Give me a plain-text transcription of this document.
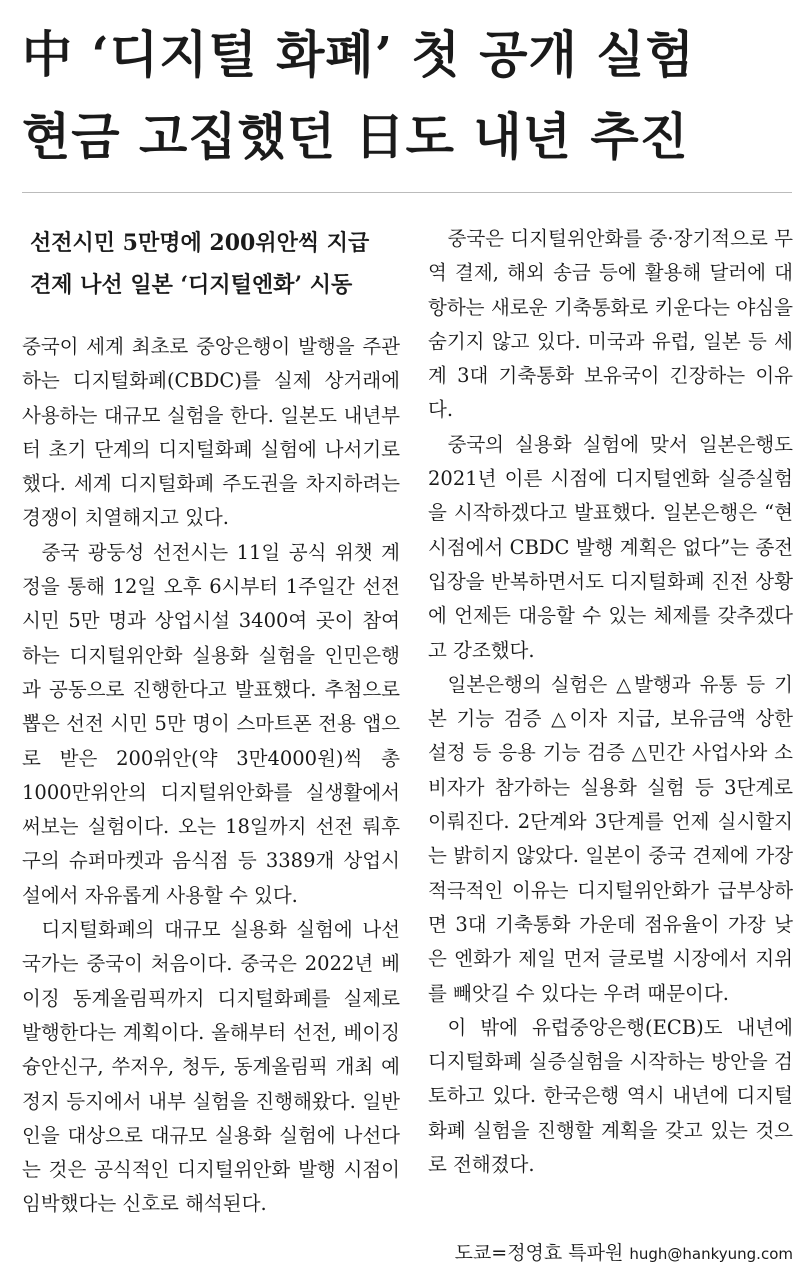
中 ‘디지털 화폐’ 첫 공개 실험
현금 고집했던 日도 내년 추진
선전시민 5만명에 200위안씩 지급
견제 나선 일본 ‘디지털엔화’ 시동

중국이 세계 최초로 중앙은행이 발행을 주관하는 디지털화폐(CBDC)를 실제 상거래에 사용하는 대규모 실험을 한다. 일본도 내년부터 초기 단계의 디지털화폐 실험에 나서기로 했다. 세계 디지털화폐 주도권을 차지하려는 경쟁이 치열해지고 있다.

중국 광둥성 선전시는 11일 공식 위챗 계정을 통해 12일 오후 6시부터 1주일간 선전 시민 5만 명과 상업시설 3400여 곳이 참여하는 디지털위안화 실용화 실험을 인민은행과 공동으로 진행한다고 발표했다. 추첨으로 뽑은 선전 시민 5만 명이 스마트폰 전용 앱으로 받은 200위안(약 3만4000원)씩 총 1000만위안의 디지털위안화를 실생활에서 써보는 실험이다. 오는 18일까지 선전 뤄후구의 슈퍼마켓과 음식점 등 3389개 상업시설에서 자유롭게 사용할 수 있다.

디지털화폐의 대규모 실용화 실험에 나선 국가는 중국이 처음이다. 중국은 2022년 베이징 동계올림픽까지 디지털화폐를 실제로 발행한다는 계획이다. 올해부터 선전, 베이징 슝안신구, 쑤저우, 청두, 동계올림픽 개최 예정지 등지에서 내부 실험을 진행해왔다. 일반인을 대상으로 대규모 실용화 실험에 나선다는 것은 공식적인 디지털위안화 발행 시점이 임박했다는 신호로 해석된다.

중국은 디지털위안화를 중·장기적으로 무역 결제, 해외 송금 등에 활용해 달러에 대항하는 새로운 기축통화로 키운다는 야심을 숨기지 않고 있다. 미국과 유럽, 일본 등 세계 3대 기축통화 보유국이 긴장하는 이유다.

중국의 실용화 실험에 맞서 일본은행도 2021년 이른 시점에 디지털엔화 실증실험을 시작하겠다고 발표했다. 일본은행은 “현 시점에서 CBDC 발행 계획은 없다”는 종전 입장을 반복하면서도 디지털화폐 진전 상황에 언제든 대응할 수 있는 체제를 갖추겠다고 강조했다.

일본은행의 실험은 △발행과 유통 등 기본 기능 검증 △이자 지급, 보유금액 상한 설정 등 응용 기능 검증 △민간 사업사와 소비자가 참가하는 실용화 실험 등 3단계로 이뤄진다. 2단계와 3단계를 언제 실시할지는 밝히지 않았다. 일본이 중국 견제에 가장 적극적인 이유는 디지털위안화가 급부상하면 3대 기축통화 가운데 점유율이 가장 낮은 엔화가 제일 먼저 글로벌 시장에서 지위를 빼앗길 수 있다는 우려 때문이다.

이 밖에 유럽중앙은행(ECB)도 내년에 디지털화폐 실증실험을 시작하는 방안을 검토하고 있다. 한국은행 역시 내년에 디지털화폐 실험을 진행할 계획을 갖고 있는 것으로 전해졌다.

도쿄=정영효 특파원 hugh@hankyung.com
